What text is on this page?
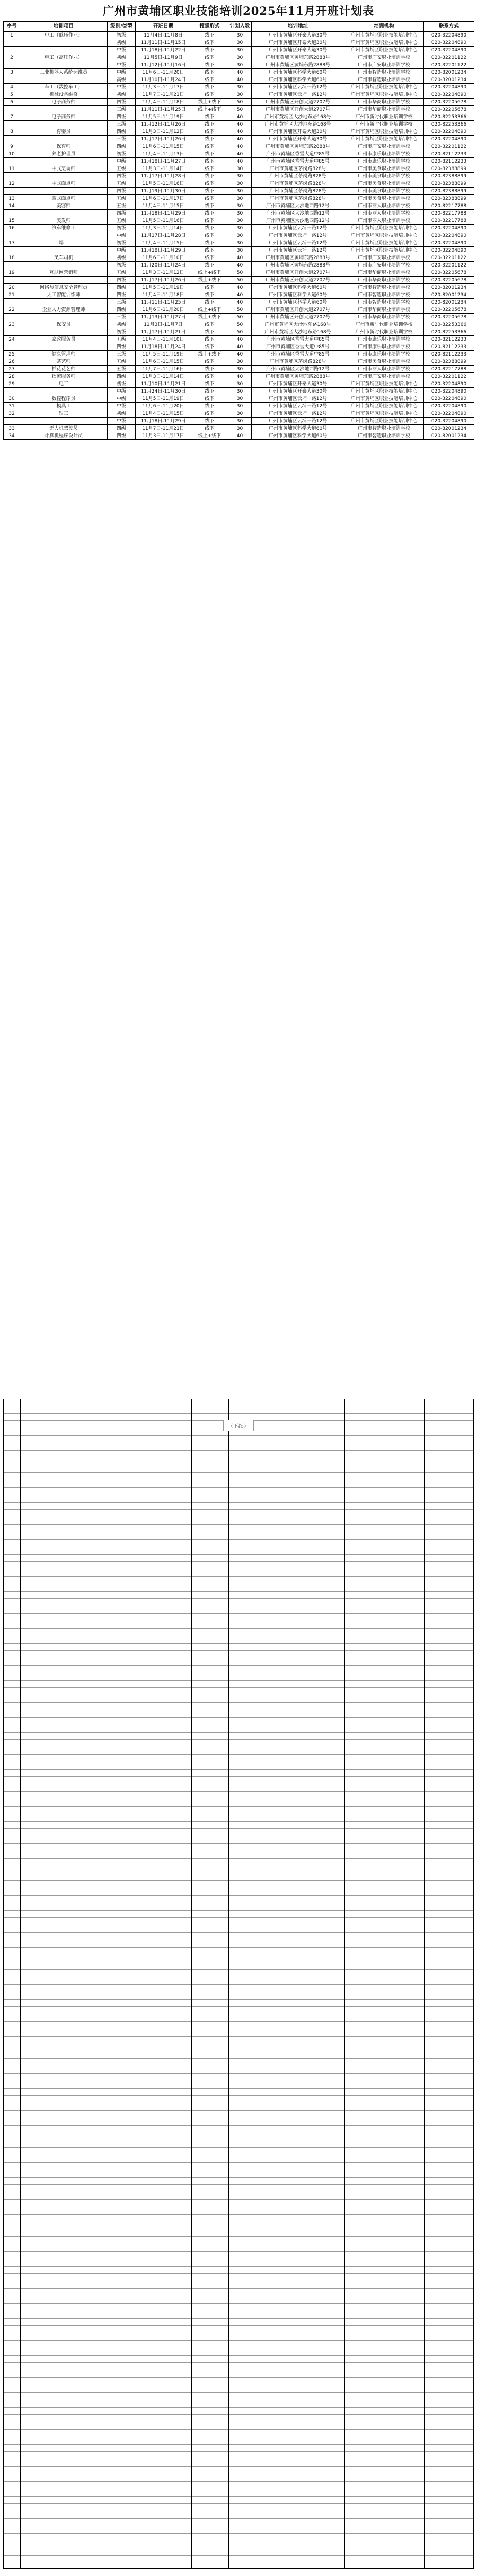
广州市黄埔区职业技能培训2025年11月开班计划表
序号	培训项目	级别/类型	开班日期	授课形式	计划人数	培训地址	培训机构	联系方式
1	电工（低压作业）	初级	11月4日-11月8日	线下	30	广州市黄埔区开泰大道30号	广州市黄埔区职业技能培训中心	020-32204890
		初级	11月11日-11月15日	线下	30	广州市黄埔区开泰大道30号	广州市黄埔区职业技能培训中心	020-32204890
		中级	11月18日-11月22日	线下	30	广州市黄埔区开泰大道30号	广州市黄埔区职业技能培训中心	020-32204890
2	电工（高压作业）	初级	11月5日-11月9日	线下	30	广州市黄埔区黄埔东路2888号	广州市广安职业培训学校	020-32201122
		中级	11月12日-11月16日	线下	30	广州市黄埔区黄埔东路2888号	广州市广安职业培训学校	020-32201122
3	工业机器人系统运维员	中级	11月6日-11月20日	线下	40	广州市黄埔区科学大道60号	广州市智造职业培训学校	020-82001234
		高级	11月10日-11月24日	线下	40	广州市黄埔区科学大道60号	广州市智造职业培训学校	020-82001234
4	车工（数控车工）	中级	11月3日-11月17日	线下	30	广州市黄埔区云埔一路12号	广州市黄埔区职业技能培训中心	020-32204890
5	机械设备维修	初级	11月7日-11月21日	线下	30	广州市黄埔区云埔一路12号	广州市黄埔区职业技能培训中心	020-32204890
6	电子商务师	四级	11月4日-11月18日	线上+线下	50	广州市黄埔区开创大道2707号	广州市华商职业培训学校	020-32205678
		三级	11月11日-11月25日	线上+线下	50	广州市黄埔区开创大道2707号	广州市华商职业培训学校	020-32205678
7	电子商务师	四级	11月5日-11月19日	线下	40	广州市黄埔区大沙地东路168号	广州市新时代职业培训学校	020-82253366
		三级	11月12日-11月26日	线下	40	广州市黄埔区大沙地东路168号	广州市新时代职业培训学校	020-82253366
8	育婴员	四级	11月3日-11月12日	线下	40	广州市黄埔区开泰大道30号	广州市黄埔区职业技能培训中心	020-32204890
		三级	11月17日-11月26日	线下	40	广州市黄埔区开泰大道30号	广州市黄埔区职业技能培训中心	020-32204890
9	保育师	四级	11月6日-11月15日	线下	40	广州市黄埔区黄埔东路2888号	广州市广安职业培训学校	020-32201122
10	养老护理员	初级	11月4日-11月13日	线下	40	广州市黄埔区香雪大道中85号	广州市康乐职业培训学校	020-82112233
		中级	11月18日-11月27日	线下	40	广州市黄埔区香雪大道中85号	广州市康乐职业培训学校	020-82112233
11	中式烹调师	五级	11月3日-11月14日	线下	30	广州市黄埔区茅岗路828号	广州市美食职业培训学校	020-82388899
		四级	11月17日-11月28日	线下	30	广州市黄埔区茅岗路828号	广州市美食职业培训学校	020-82388899
12	中式面点师	五级	11月5日-11月16日	线下	30	广州市黄埔区茅岗路828号	广州市美食职业培训学校	020-82388899
		四级	11月19日-11月30日	线下	30	广州市黄埔区茅岗路828号	广州市美食职业培训学校	020-82388899
13	西式面点师	五级	11月6日-11月17日	线下	30	广州市黄埔区茅岗路828号	广州市美食职业培训学校	020-82388899
14	美容师	五级	11月4日-11月15日	线下	30	广州市黄埔区大沙地西路12号	广州市丽人职业培训学校	020-82217788
		四级	11月18日-11月29日	线下	30	广州市黄埔区大沙地西路12号	广州市丽人职业培训学校	020-82217788
15	美发师	五级	11月5日-11月16日	线下	30	广州市黄埔区大沙地西路12号	广州市丽人职业培训学校	020-82217788
16	汽车维修工	初级	11月3日-11月14日	线下	30	广州市黄埔区云埔一路12号	广州市黄埔区职业技能培训中心	020-32204890
		中级	11月17日-11月28日	线下	30	广州市黄埔区云埔一路12号	广州市黄埔区职业技能培训中心	020-32204890
17	焊工	初级	11月4日-11月15日	线下	30	广州市黄埔区云埔一路12号	广州市黄埔区职业技能培训中心	020-32204890
		中级	11月18日-11月29日	线下	30	广州市黄埔区云埔一路12号	广州市黄埔区职业技能培训中心	020-32204890
18	叉车司机	初级	11月6日-11月10日	线下	40	广州市黄埔区黄埔东路2888号	广州市广安职业培训学校	020-32201122
		初级	11月20日-11月24日	线下	40	广州市黄埔区黄埔东路2888号	广州市广安职业培训学校	020-32201122
19	互联网营销师	五级	11月3日-11月12日	线上+线下	50	广州市黄埔区开创大道2707号	广州市华商职业培训学校	020-32205678
		四级	11月17日-11月26日	线上+线下	50	广州市黄埔区开创大道2707号	广州市华商职业培训学校	020-32205678
20	网络与信息安全管理员	四级	11月5日-11月19日	线下	40	广州市黄埔区科学大道60号	广州市智造职业培训学校	020-82001234
21	人工智能训练师	四级	11月4日-11月18日	线下	40	广州市黄埔区科学大道60号	广州市智造职业培训学校	020-82001234
		三级	11月11日-11月25日	线下	40	广州市黄埔区科学大道60号	广州市智造职业培训学校	020-82001234
22	企业人力资源管理师	四级	11月6日-11月20日	线上+线下	50	广州市黄埔区开创大道2707号	广州市华商职业培训学校	020-32205678
		三级	11月13日-11月27日	线上+线下	50	广州市黄埔区开创大道2707号	广州市华商职业培训学校	020-32205678
23	保安员	初级	11月3日-11月7日	线下	50	广州市黄埔区大沙地东路168号	广州市新时代职业培训学校	020-82253366
		初级	11月17日-11月21日	线下	50	广州市黄埔区大沙地东路168号	广州市新时代职业培训学校	020-82253366
24	家政服务员	五级	11月4日-11月10日	线下	40	广州市黄埔区香雪大道中85号	广州市康乐职业培训学校	020-82112233
		四级	11月18日-11月24日	线下	40	广州市黄埔区香雪大道中85号	广州市康乐职业培训学校	020-82112233
25	健康管理师	三级	11月5日-11月19日	线上+线下	40	广州市黄埔区香雪大道中85号	广州市康乐职业培训学校	020-82112233
26	茶艺师	五级	11月6日-11月15日	线下	30	广州市黄埔区茅岗路828号	广州市美食职业培训学校	020-82388899
27	插花花艺师	五级	11月7日-11月16日	线下	30	广州市黄埔区大沙地西路12号	广州市丽人职业培训学校	020-82217788
28	物流服务师	四级	11月3日-11月14日	线下	40	广州市黄埔区黄埔东路2888号	广州市广安职业培训学校	020-32201122
29	电工	初级	11月10日-11月21日	线下	30	广州市黄埔区开泰大道30号	广州市黄埔区职业技能培训中心	020-32204890
		中级	11月24日-11月30日	线下	30	广州市黄埔区开泰大道30号	广州市黄埔区职业技能培训中心	020-32204890
30	数控程序员	中级	11月5日-11月19日	线下	30	广州市黄埔区云埔一路12号	广州市黄埔区职业技能培训中心	020-32204890
31	模具工	中级	11月6日-11月20日	线下	30	广州市黄埔区云埔一路12号	广州市黄埔区职业技能培训中心	020-32204890
32	钳工	初级	11月4日-11月15日	线下	30	广州市黄埔区云埔一路12号	广州市黄埔区职业技能培训中心	020-32204890
		中级	11月18日-11月29日	线下	30	广州市黄埔区云埔一路12号	广州市黄埔区职业技能培训中心	020-32204890
33	无人机驾驶员	四级	11月7日-11月21日	线下	30	广州市黄埔区科学大道60号	广州市智造职业培训学校	020-82001234
34	计算机程序设计员	四级	11月3日-11月17日	线上+线下	40	广州市黄埔区科学大道60号	广州市智造职业培训学校	020-82001234
（下续）
